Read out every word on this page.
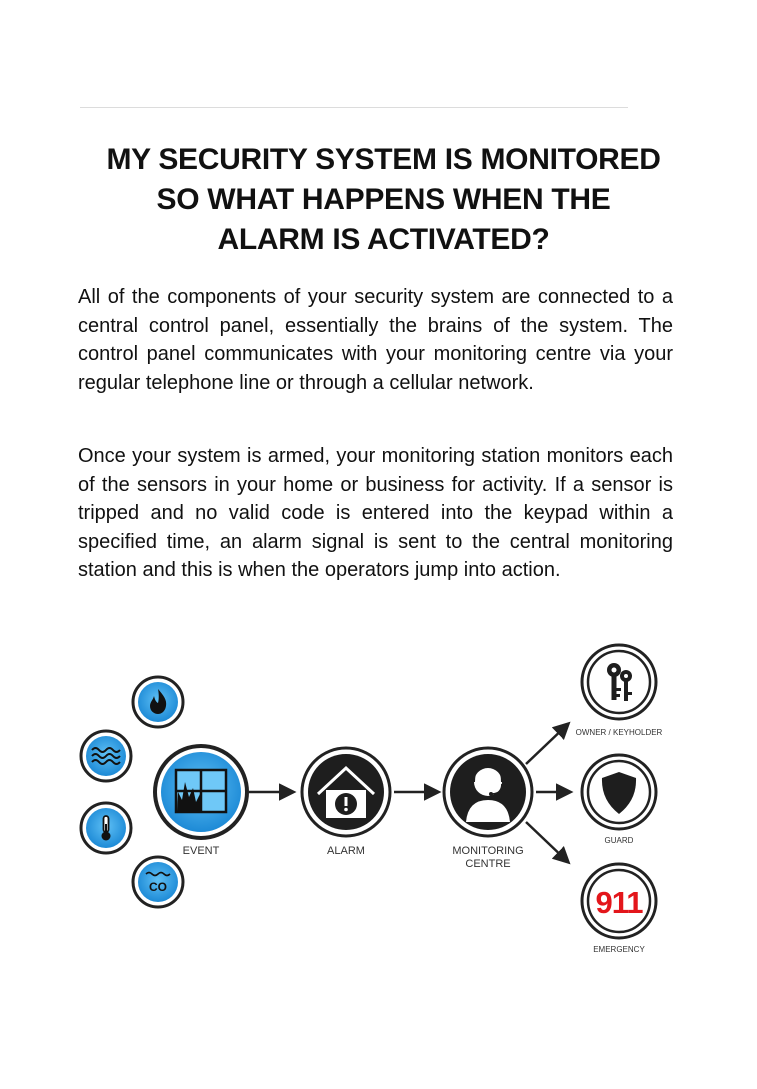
MY SECURITY SYSTEM IS MONITORED
SO WHAT HAPPENS WHEN THE
ALARM IS ACTIVATED?

All of the components of your security system are connected to a central control panel, essentially the brains of the system. The control panel communicates with your monitoring centre via your regular telephone line or through a cellular network.

Once your system is armed, your monitoring station monitors each of the sensors in your home or business for activity. If a sensor is tripped and no valid code is entered into the keypad within a specified time, an alarm signal is sent to the central monitoring station and this is when the operators jump into action.

CO
EVENT	ALARM	MONITORING
CENTRE
OWNER / KEYHOLDER
GUARD
911
EMERGENCY
